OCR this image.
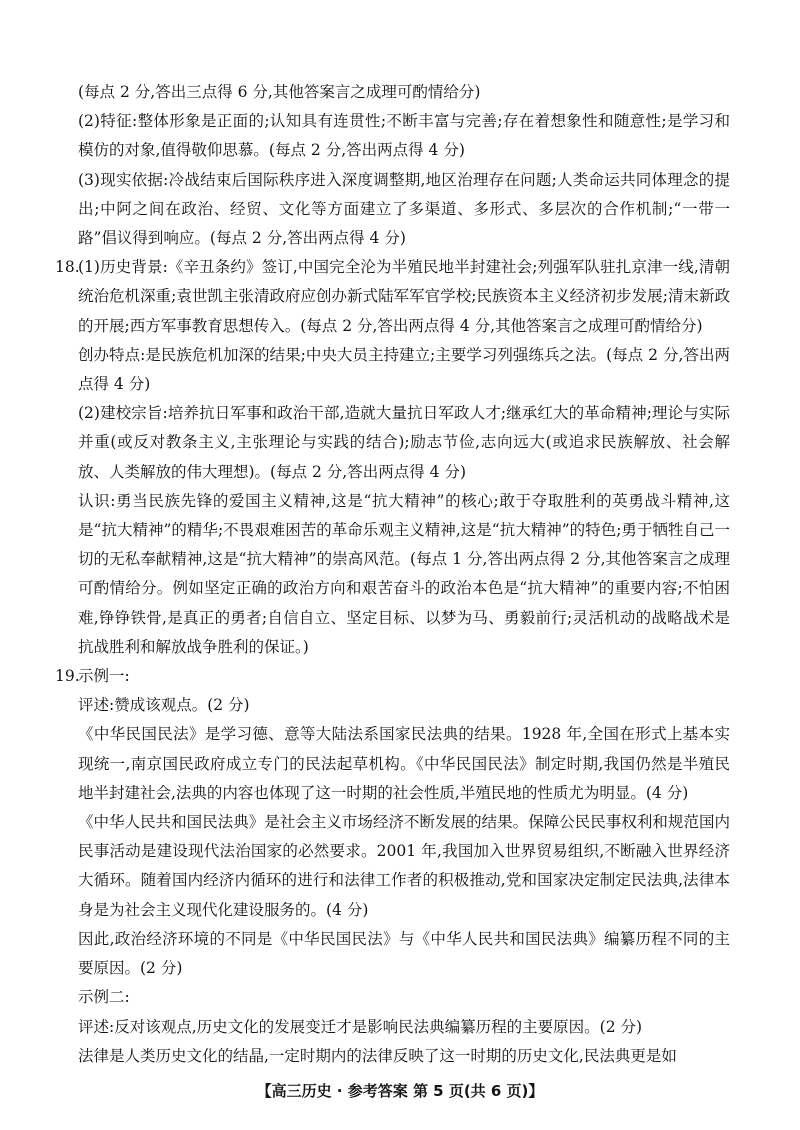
(每点 2 分,答出三点得 6 分,其他答案言之成理可酌情给分)

(2)特征:整体形象是正面的;认知具有连贯性;不断丰富与完善;存在着想象性和随意性;是学习和模仿的对象,值得敬仰思慕。(每点 2 分,答出两点得 4 分)

(3)现实依据:冷战结束后国际秩序进入深度调整期,地区治理存在问题;人类命运共同体理念的提出;中阿之间在政治、经贸、文化等方面建立了多渠道、多形式、多层次的合作机制;“一带一路”倡议得到响应。(每点 2 分,答出两点得 4 分)

18.

(1)历史背景:《辛丑条约》签订,中国完全沦为半殖民地半封建社会;列强军队驻扎京津一线,清朝统治危机深重;袁世凯主张清政府应创办新式陆军军官学校;民族资本主义经济初步发展;清末新政的开展;西方军事教育思想传入。(每点 2 分,答出两点得 4 分,其他答案言之成理可酌情给分)

创办特点:是民族危机加深的结果;中央大员主持建立;主要学习列强练兵之法。(每点 2 分,答出两点得 4 分)

(2)建校宗旨:培养抗日军事和政治干部,造就大量抗日军政人才;继承红大的革命精神;理论与实际并重(或反对教条主义,主张理论与实践的结合);励志节俭,志向远大(或追求民族解放、社会解放、人类解放的伟大理想)。(每点 2 分,答出两点得 4 分)

认识:勇当民族先锋的爱国主义精神,这是“抗大精神”的核心;敢于夺取胜利的英勇战斗精神,这是“抗大精神”的精华;不畏艰难困苦的革命乐观主义精神,这是“抗大精神”的特色;勇于牺牲自己一切的无私奉献精神,这是“抗大精神”的崇高风范。(每点 1 分,答出两点得 2 分,其他答案言之成理可酌情给分。例如坚定正确的政治方向和艰苦奋斗的政治本色是“抗大精神”的重要内容;不怕困难,铮铮铁骨,是真正的勇者;自信自立、坚定目标、以梦为马、勇毅前行;灵活机动的战略战术是抗战胜利和解放战争胜利的保证。)

19.

示例一:

评述:赞成该观点。(2 分)

《中华民国民法》是学习德、意等大陆法系国家民法典的结果。1928 年,全国在形式上基本实现统一,南京国民政府成立专门的民法起草机构。《中华民国民法》制定时期,我国仍然是半殖民地半封建社会,法典的内容也体现了这一时期的社会性质,半殖民地的性质尤为明显。(4 分)

《中华人民共和国民法典》是社会主义市场经济不断发展的结果。保障公民民事权利和规范国内民事活动是建设现代法治国家的必然要求。2001 年,我国加入世界贸易组织,不断融入世界经济大循环。随着国内经济内循环的进行和法律工作者的积极推动,党和国家决定制定民法典,法律本身是为社会主义现代化建设服务的。(4 分)

因此,政治经济环境的不同是《中华民国民法》与《中华人民共和国民法典》编纂历程不同的主要原因。(2 分)

示例二:

评述:反对该观点,历史文化的发展变迁才是影响民法典编纂历程的主要原因。(2 分)

法律是人类历史文化的结晶,一定时期内的法律反映了这一时期的历史文化,民法典更是如

【高三历史 · 参考答案 第 5 页(共 6 页)】
